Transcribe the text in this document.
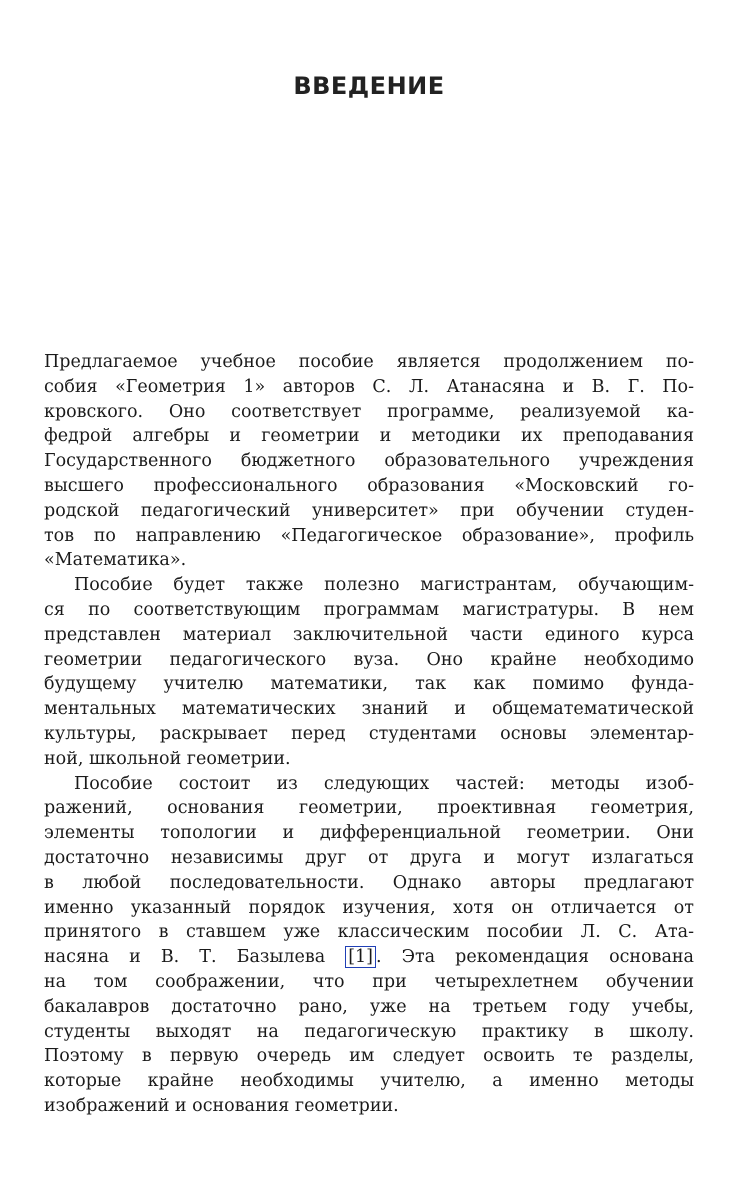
ВВЕДЕНИЕ
Предлагаемое учебное пособие является продолжением по-
собия «Геометрия 1» авторов С. Л. Атанасяна и В. Г. По-
кровского. Оно соответствует программе, реализуемой ка-
федрой алгебры и геометрии и методики их преподавания
Государственного бюджетного образовательного учреждения
высшего профессионального образования «Московский го-
родской педагогический университет» при обучении студен-
тов по направлению «Педагогическое образование», профиль
«Математика».
Пособие будет также полезно магистрантам, обучающим-
ся по соответствующим программам магистратуры. В нем
представлен материал заключительной части единого курса
геометрии педагогического вуза. Оно крайне необходимо
будущему учителю математики, так как помимо фунда-
ментальных математических знаний и общематематической
культуры, раскрывает перед студентами основы элементар-
ной, школьной геометрии.
Пособие состоит из следующих частей: методы изоб-
ражений, основания геометрии, проективная геометрия,
элементы топологии и дифференциальной геометрии. Они
достаточно независимы друг от друга и могут излагаться
в любой последовательности. Однако авторы предлагают
именно указанный порядок изучения, хотя он отличается от
принятого в ставшем уже классическим пособии Л. С. Ата-
насяна и В. Т. Базылева [1] . Эта рекомендация основана
на том соображении, что при четырехлетнем обучении
бакалавров достаточно рано, уже на третьем году учебы,
студенты выходят на педагогическую практику в школу.
Поэтому в первую очередь им следует освоить те разделы,
которые крайне необходимы учителю, а именно методы
изображений и основания геометрии.
